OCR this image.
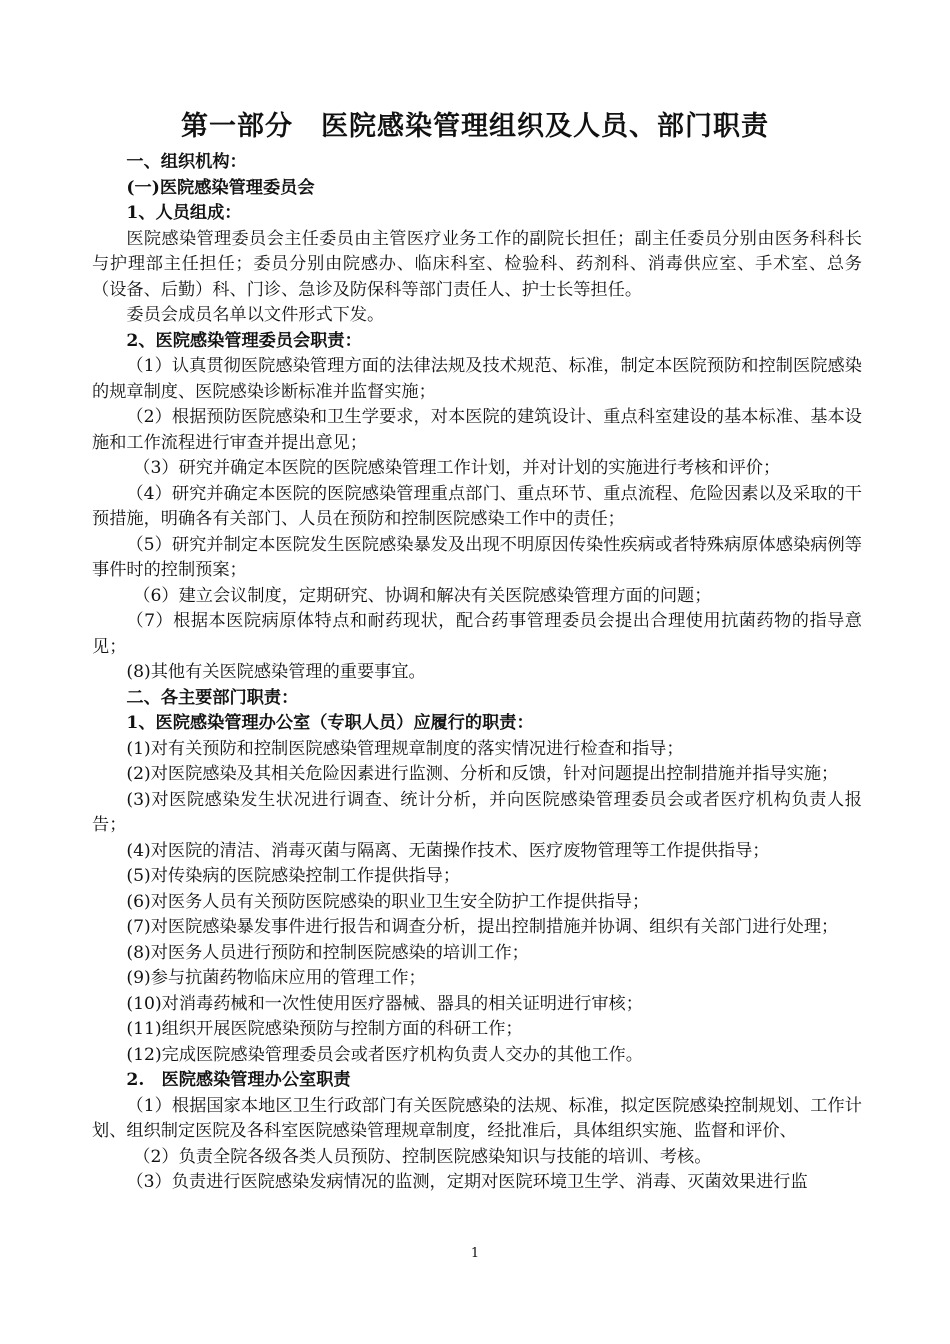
第一部分　医院感染管理组织及人员、部门职责

一、组织机构：

(一)医院感染管理委员会

1、人员组成：

医院感染管理委员会主任委员由主管医疗业务工作的副院长担任；副主任委员分别由医务科科长与护理部主任担任；委员分别由院感办、临床科室、检验科、药剂科、消毒供应室、手术室、总务（设备、后勤）科、门诊、急诊及防保科等部门责任人、护士长等担任。

委员会成员名单以文件形式下发。

2、医院感染管理委员会职责：

（1）认真贯彻医院感染管理方面的法律法规及技术规范、标准，制定本医院预防和控制医院感染的规章制度、医院感染诊断标准并监督实施；

（2）根据预防医院感染和卫生学要求，对本医院的建筑设计、重点科室建设的基本标准、基本设施和工作流程进行审查并提出意见；

（3）研究并确定本医院的医院感染管理工作计划，并对计划的实施进行考核和评价；

（4）研究并确定本医院的医院感染管理重点部门、重点环节、重点流程、危险因素以及采取的干预措施，明确各有关部门、人员在预防和控制医院感染工作中的责任；

（5）研究并制定本医院发生医院感染暴发及出现不明原因传染性疾病或者特殊病原体感染病例等事件时的控制预案；

（6）建立会议制度，定期研究、协调和解决有关医院感染管理方面的问题；

（7）根据本医院病原体特点和耐药现状，配合药事管理委员会提出合理使用抗菌药物的指导意见；

(8)其他有关医院感染管理的重要事宜。

二、各主要部门职责：

1、医院感染管理办公室（专职人员）应履行的职责：

(1)对有关预防和控制医院感染管理规章制度的落实情况进行检查和指导；

(2)对医院感染及其相关危险因素进行监测、分析和反馈，针对问题提出控制措施并指导实施；

(3)对医院感染发生状况进行调查、统计分析，并向医院感染管理委员会或者医疗机构负责人报告；

(4)对医院的清洁、消毒灭菌与隔离、无菌操作技术、医疗废物管理等工作提供指导；

(5)对传染病的医院感染控制工作提供指导；

(6)对医务人员有关预防医院感染的职业卫生安全防护工作提供指导；

(7)对医院感染暴发事件进行报告和调查分析，提出控制措施并协调、组织有关部门进行处理；

(8)对医务人员进行预防和控制医院感染的培训工作；

(9)参与抗菌药物临床应用的管理工作；

(10)对消毒药械和一次性使用医疗器械、器具的相关证明进行审核；

(11)组织开展医院感染预防与控制方面的科研工作；

(12)完成医院感染管理委员会或者医疗机构负责人交办的其他工作。

2.　医院感染管理办公室职责

（1）根据国家本地区卫生行政部门有关医院感染的法规、标准，拟定医院感染控制规划、工作计划、组织制定医院及各科室医院感染管理规章制度，经批准后，具体组织实施、监督和评价、

（2）负责全院各级各类人员预防、控制医院感染知识与技能的培训、考核。

（3）负责进行医院感染发病情况的监测，定期对医院环境卫生学、消毒、灭菌效果进行监

1
